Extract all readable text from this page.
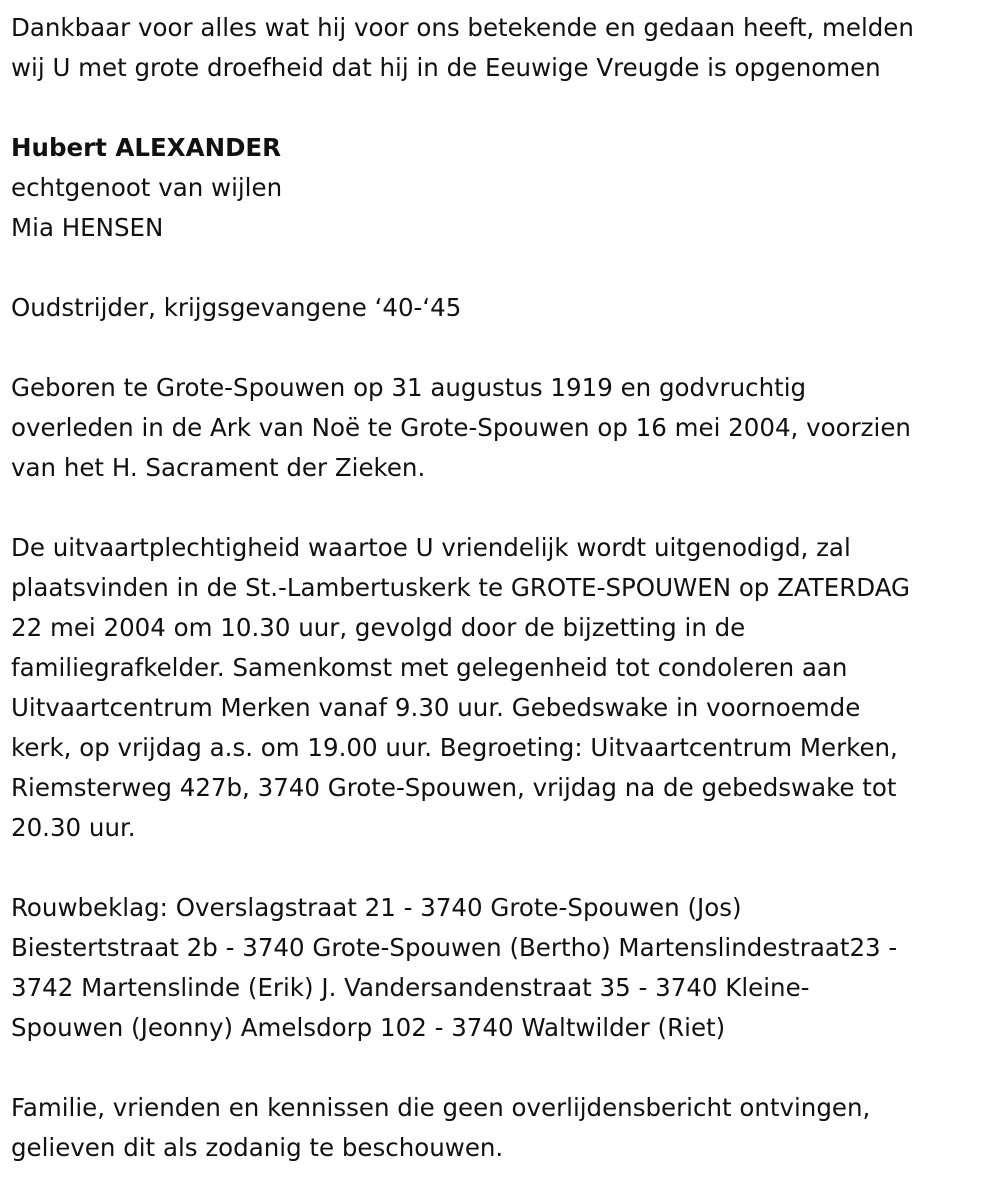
Dankbaar voor alles wat hij voor ons betekende en gedaan heeft, melden

wij U met grote droefheid dat hij in de Eeuwige Vreugde is opgenomen

Hubert ALEXANDER

echtgenoot van wijlen

Mia HENSEN

Oudstrijder, krijgsgevangene ‘40-‘45

Geboren te Grote-Spouwen op 31 augustus 1919 en godvruchtig

overleden in de Ark van Noë te Grote-Spouwen op 16 mei 2004, voorzien

van het H. Sacrament der Zieken.

De uitvaartplechtigheid waartoe U vriendelijk wordt uitgenodigd, zal

plaatsvinden in de St.-Lambertuskerk te GROTE-SPOUWEN op ZATERDAG

22 mei 2004 om 10.30 uur, gevolgd door de bijzetting in de

familiegrafkelder. Samenkomst met gelegenheid tot condoleren aan

Uitvaartcentrum Merken vanaf 9.30 uur. Gebedswake in voornoemde

kerk, op vrijdag a.s. om 19.00 uur. Begroeting: Uitvaartcentrum Merken,

Riemsterweg 427b, 3740 Grote-Spouwen, vrijdag na de gebedswake tot

20.30 uur.

Rouwbeklag: Overslagstraat 21 - 3740 Grote-Spouwen (Jos)

Biestertstraat 2b - 3740 Grote-Spouwen (Bertho) Martenslindestraat23 -

3742 Martenslinde (Erik) J. Vandersandenstraat 35 - 3740 Kleine-

Spouwen (Jeonny) Amelsdorp 102 - 3740 Waltwilder (Riet)

Familie, vrienden en kennissen die geen overlijdensbericht ontvingen,

gelieven dit als zodanig te beschouwen.
